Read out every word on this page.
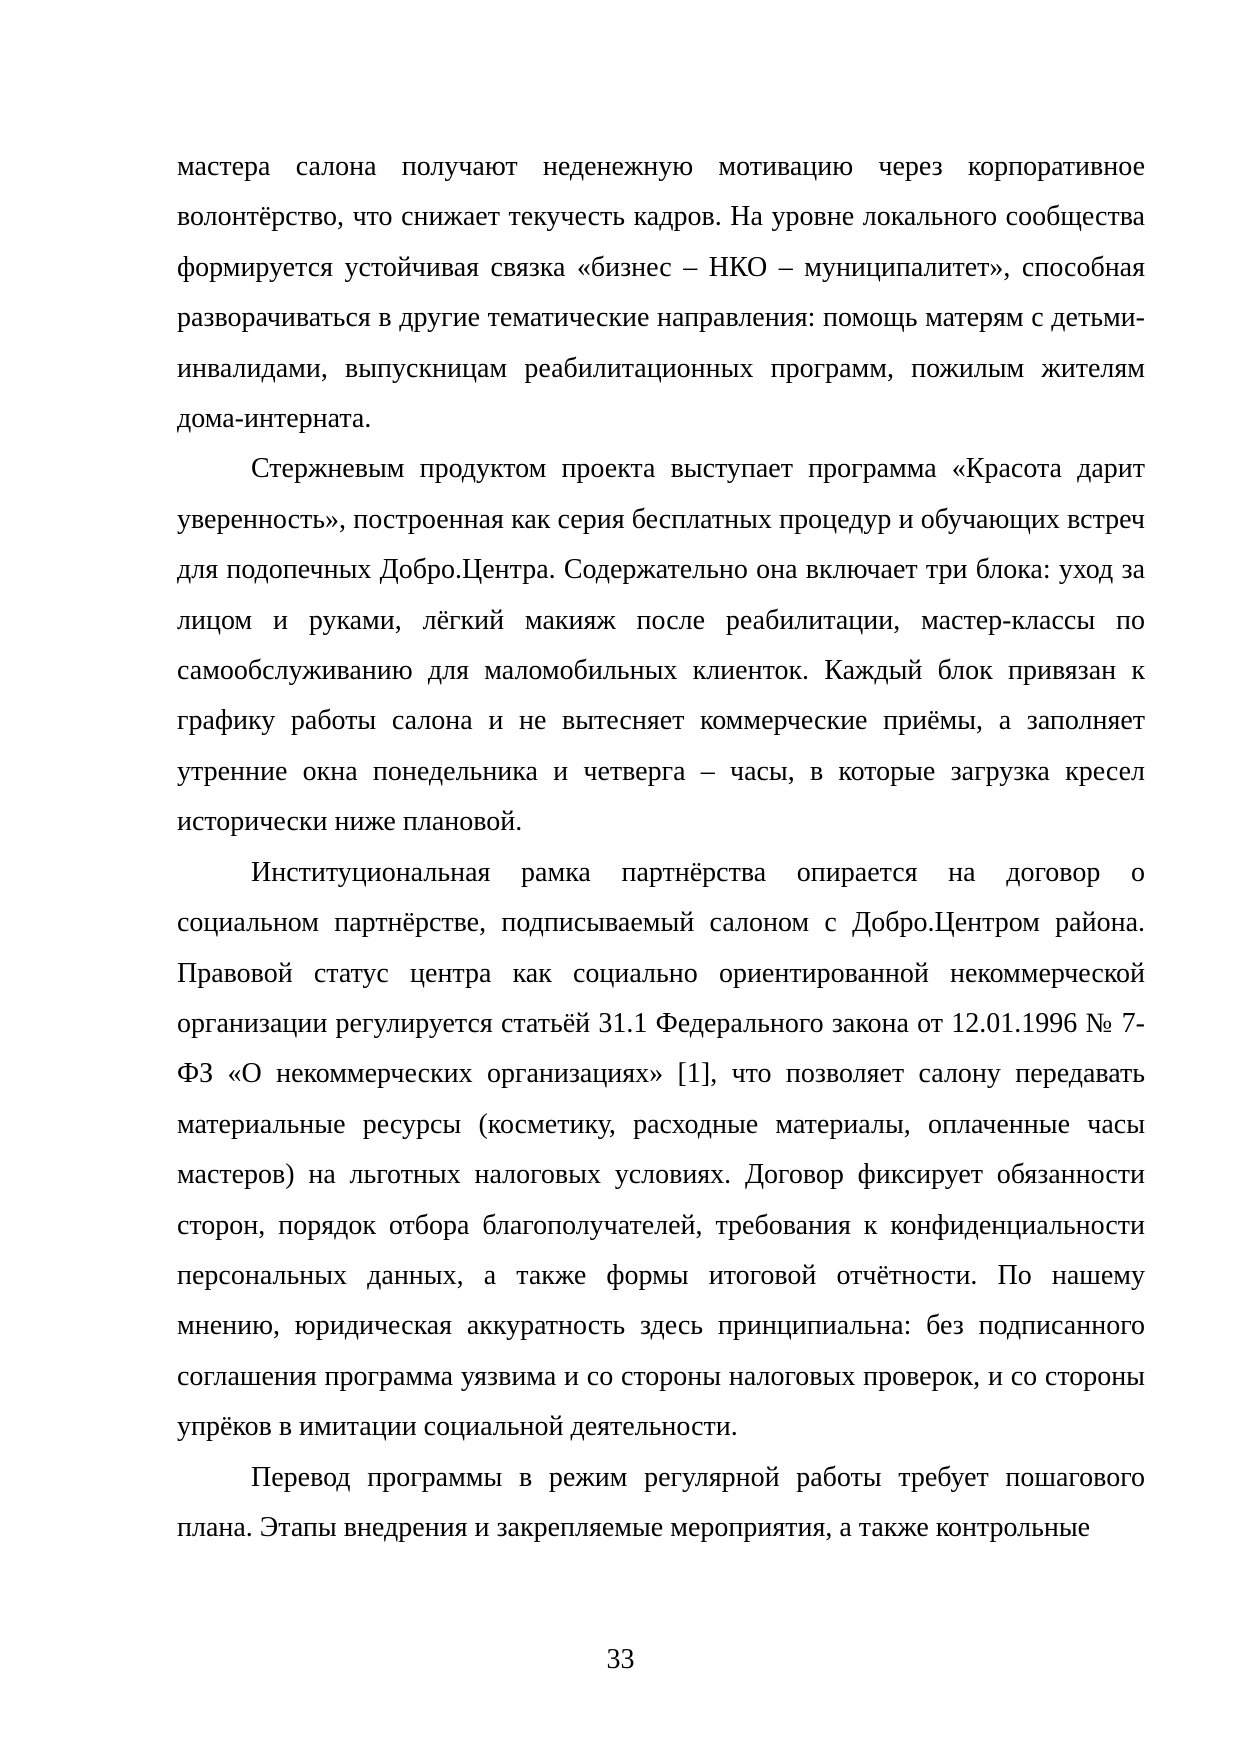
мастера салона получают неденежную мотивацию через корпоративное волонтёрство, что снижает текучесть кадров. На уровне локального сообщества формируется устойчивая связка «бизнес – НКО – муниципалитет», способная разворачиваться в другие тематические направления: помощь матерям с детьми-инвалидами, выпускницам реабилитационных программ, пожилым жителям дома-интерната.

Стержневым продуктом проекта выступает программа «Красота дарит уверенность», построенная как серия бесплатных процедур и обучающих встреч для подопечных Добро.Центра. Содержательно она включает три блока: уход за лицом и руками, лёгкий макияж после реабилитации, мастер-классы по самообслуживанию для маломобильных клиенток. Каждый блок привязан к графику работы салона и не вытесняет коммерческие приёмы, а заполняет утренние окна понедельника и четверга – часы, в которые загрузка кресел исторически ниже плановой.

Институциональная рамка партнёрства опирается на договор о социальном партнёрстве, подписываемый салоном с Добро.Центром района. Правовой статус центра как социально ориентированной некоммерческой организации регулируется статьёй 31.1 Федерального закона от 12.01.1996 № 7-ФЗ «О некоммерческих организациях» [1], что позволяет салону передавать материальные ресурсы (косметику, расходные материалы, оплаченные часы мастеров) на льготных налоговых условиях. Договор фиксирует обязанности сторон, порядок отбора благополучателей, требования к конфиденциальности персональных данных, а также формы итоговой отчётности. По нашему мнению, юридическая аккуратность здесь принципиальна: без подписанного соглашения программа уязвима и со стороны налоговых проверок, и со стороны упрёков в имитации социальной деятельности.

Перевод программы в режим регулярной работы требует пошагового плана. Этапы внедрения и закрепляемые мероприятия, а также контрольные

33
